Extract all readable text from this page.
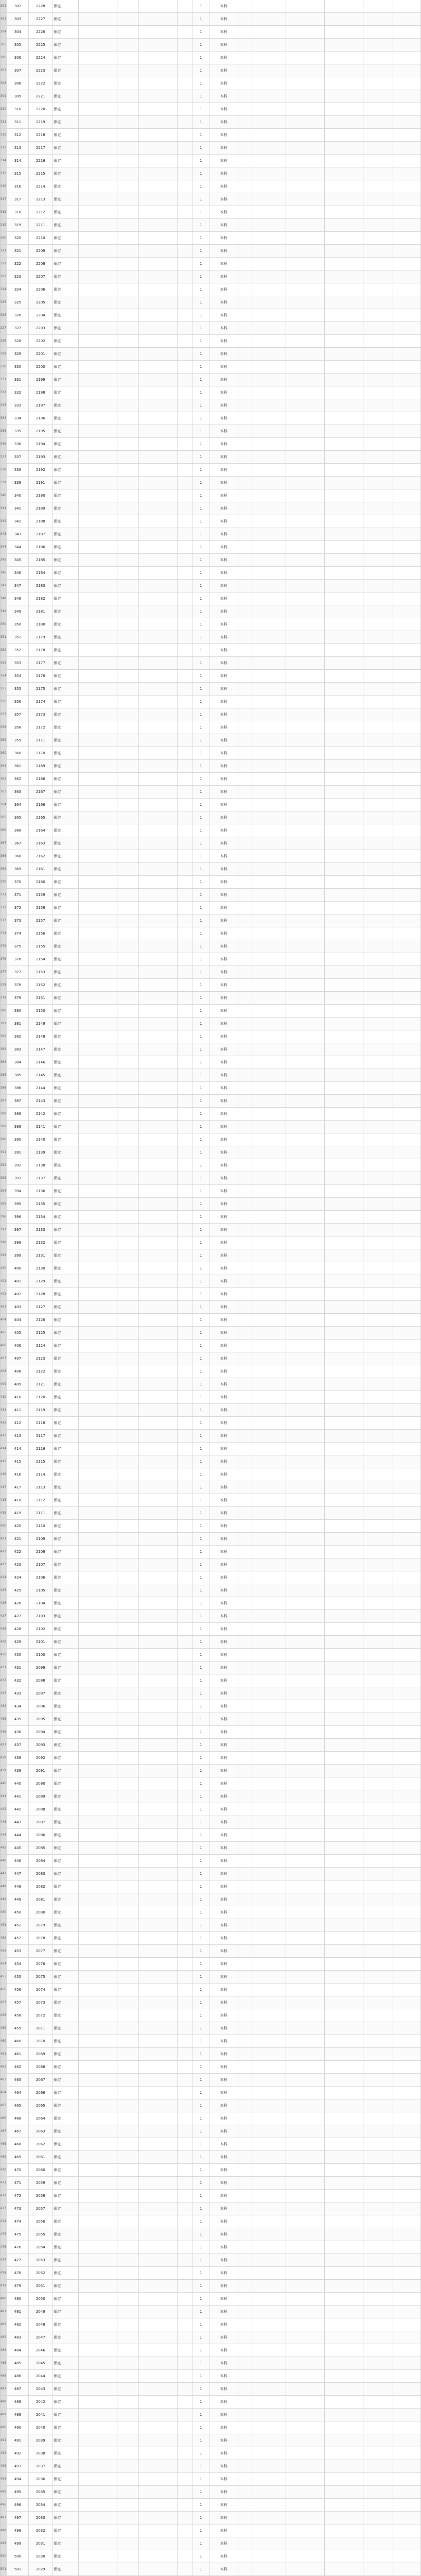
302	302	2228	保定	1	本科
303	303	2227	保定	1	本科
304	304	2226	保定	1	本科
305	305	2225	保定	1	本科
306	306	2224	保定	1	本科
307	307	2223	保定	1	本科
308	308	2222	保定	1	本科
309	309	2221	保定	1	本科
310	310	2220	保定	1	本科
311	311	2219	保定	1	本科
312	312	2218	保定	1	本科
313	313	2217	保定	1	本科
314	314	2216	保定	1	本科
315	315	2215	保定	1	本科
316	316	2214	保定	1	本科
317	317	2213	保定	1	本科
318	318	2212	保定	1	本科
319	319	2211	保定	1	本科
320	320	2210	保定	1	本科
321	321	2209	保定	1	本科
322	322	2208	保定	1	本科
323	323	2207	保定	1	本科
324	324	2206	保定	1	本科
325	325	2205	保定	1	本科
326	326	2204	保定	1	本科
327	327	2203	保定	1	本科
328	328	2202	保定	1	本科
329	329	2201	保定	1	本科
330	330	2200	保定	1	本科
331	331	2199	保定	1	本科
332	332	2198	保定	1	本科
333	333	2197	保定	1	本科
334	334	2196	保定	1	本科
335	335	2195	保定	1	本科
336	336	2194	保定	1	本科
337	337	2193	保定	1	本科
338	338	2192	保定	1	本科
339	339	2191	保定	1	本科
340	340	2190	保定	1	本科
341	341	2189	保定	1	本科
342	342	2188	保定	1	本科
343	343	2187	保定	1	本科
344	344	2186	保定	1	本科
345	345	2185	保定	1	本科
346	346	2184	保定	1	本科
347	347	2183	保定	1	本科
348	348	2182	保定	1	本科
349	349	2181	保定	1	本科
350	350	2180	保定	1	本科
351	351	2179	保定	1	本科
352	352	2178	保定	1	本科
353	353	2177	保定	1	本科
354	354	2176	保定	1	本科
355	355	2175	保定	1	本科
356	356	2174	保定	1	本科
357	357	2173	保定	1	本科
358	358	2172	保定	1	本科
359	359	2171	保定	1	本科
360	360	2170	保定	1	本科
361	361	2169	保定	1	本科
362	362	2168	保定	1	本科
363	363	2167	保定	1	本科
364	364	2166	保定	1	本科
365	365	2165	保定	1	本科
366	366	2164	保定	1	本科
367	367	2163	保定	1	本科
368	368	2162	保定	1	本科
369	369	2161	保定	1	本科
370	370	2160	保定	1	本科
371	371	2159	保定	1	本科
372	372	2158	保定	1	本科
373	373	2157	保定	1	本科
374	374	2156	保定	1	本科
375	375	2155	保定	1	本科
376	376	2154	保定	1	本科
377	377	2153	保定	1	本科
378	378	2152	保定	1	本科
379	379	2151	保定	1	本科
380	380	2150	保定	1	本科
381	381	2149	保定	1	本科
382	382	2148	保定	1	本科
383	383	2147	保定	1	本科
384	384	2146	保定	1	本科
385	385	2145	保定	1	本科
386	386	2144	保定	1	本科
387	387	2143	保定	1	本科
388	388	2142	保定	1	本科
389	389	2141	保定	1	本科
390	390	2140	保定	1	本科
391	391	2139	保定	1	本科
392	392	2138	保定	1	本科
393	393	2137	保定	1	本科
394	394	2136	保定	1	本科
395	395	2135	保定	1	本科
396	396	2134	保定	1	本科
397	397	2133	保定	1	本科
398	398	2132	保定	1	本科
399	399	2131	保定	1	本科
400	400	2130	保定	1	本科
401	401	2129	保定	1	本科
402	402	2128	保定	1	本科
403	403	2127	保定	1	本科
404	404	2126	保定	1	本科
405	405	2125	保定	1	本科
406	406	2124	保定	1	本科
407	407	2123	保定	1	本科
408	408	2122	保定	1	本科
409	409	2121	保定	1	本科
410	410	2120	保定	1	本科
411	411	2119	保定	1	本科
412	412	2118	保定	1	本科
413	413	2117	保定	1	本科
414	414	2116	保定	1	本科
415	415	2115	保定	1	本科
416	416	2114	保定	1	本科
417	417	2113	保定	1	本科
418	418	2112	保定	1	本科
419	419	2111	保定	1	本科
420	420	2110	保定	1	本科
421	421	2109	保定	1	本科
422	422	2108	保定	1	本科
423	423	2107	保定	1	本科
424	424	2106	保定	1	本科
425	425	2105	保定	1	本科
426	426	2104	保定	1	本科
427	427	2103	保定	1	本科
428	428	2102	保定	1	本科
429	429	2101	保定	1	本科
430	430	2100	保定	1	本科
431	431	2099	保定	1	本科
432	432	2098	保定	1	本科
433	433	2097	保定	1	本科
434	434	2096	保定	1	本科
435	435	2095	保定	1	本科
436	436	2094	保定	1	本科
437	437	2093	保定	1	本科
438	438	2092	保定	1	本科
439	439	2091	保定	1	本科
440	440	2090	保定	1	本科
441	441	2089	保定	1	本科
442	442	2088	保定	1	本科
443	443	2087	保定	1	本科
444	444	2086	保定	1	本科
445	445	2085	保定	1	本科
446	446	2084	保定	1	本科
447	447	2083	保定	1	本科
448	448	2082	保定	1	本科
449	449	2081	保定	1	本科
450	450	2080	保定	1	本科
451	451	2079	保定	1	本科
452	452	2078	保定	1	本科
453	453	2077	保定	1	本科
454	454	2076	保定	1	本科
455	455	2075	保定	1	本科
456	456	2074	保定	1	本科
457	457	2073	保定	1	本科
458	458	2072	保定	1	本科
459	459	2071	保定	1	本科
460	460	2070	保定	1	本科
461	461	2069	保定	1	本科
462	462	2068	保定	1	本科
463	463	2067	保定	1	本科
464	464	2066	保定	1	本科
465	465	2065	保定	1	本科
466	466	2064	保定	1	本科
467	467	2063	保定	1	本科
468	468	2062	保定	1	本科
469	469	2061	保定	1	本科
470	470	2060	保定	1	本科
471	471	2059	保定	1	本科
472	472	2058	保定	1	本科
473	473	2057	保定	1	本科
474	474	2056	保定	1	本科
475	475	2055	保定	1	本科
476	476	2054	保定	1	本科
477	477	2053	保定	1	本科
478	478	2052	保定	1	本科
479	479	2051	保定	1	本科
480	480	2050	保定	1	本科
481	481	2049	保定	1	本科
482	482	2048	保定	1	本科
483	483	2047	保定	1	本科
484	484	2046	保定	1	本科
485	485	2045	保定	1	本科
486	486	2044	保定	1	本科
487	487	2043	保定	1	本科
488	488	2042	保定	1	本科
489	489	2041	保定	1	本科
490	490	2040	保定	1	本科
491	491	2039	保定	1	本科
492	492	2038	保定	1	本科
493	493	2037	保定	1	本科
494	494	2036	保定	1	本科
495	495	2035	保定	1	本科
496	496	2034	保定	1	本科
497	497	2033	保定	1	本科
498	498	2032	保定	1	本科
499	499	2031	保定	1	本科
500	500	2030	保定	1	本科
501	501	2029	保定	1	本科
